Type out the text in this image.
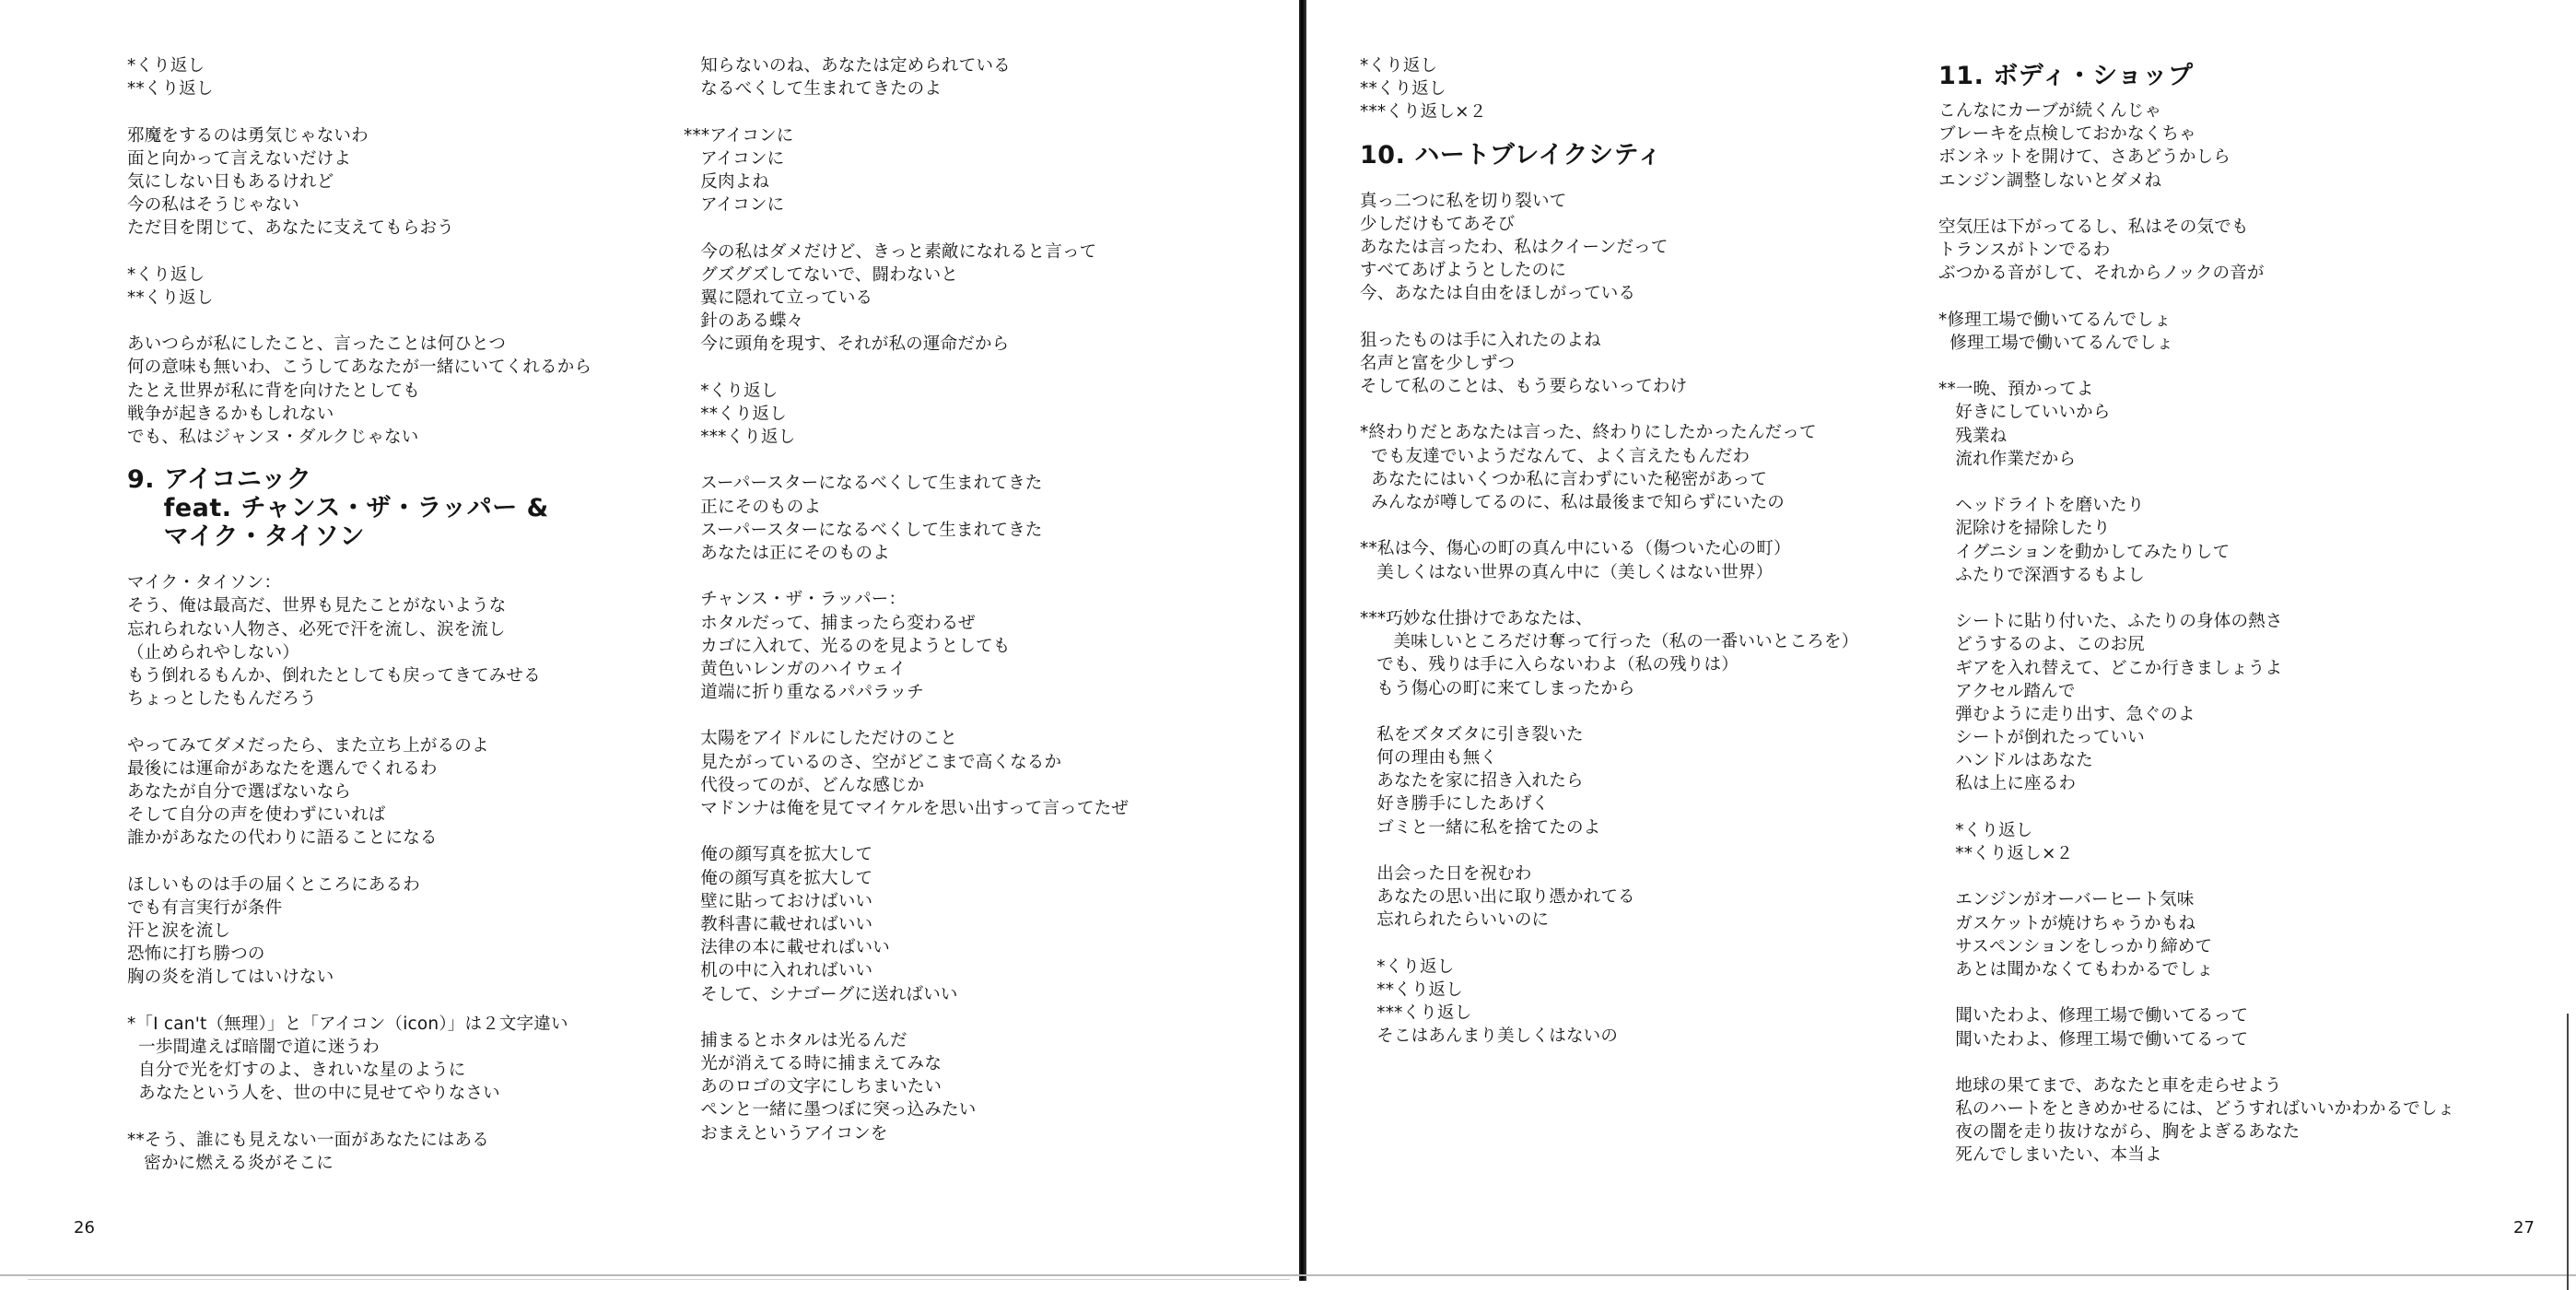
*くり返し
**くり返し
邪魔をするのは勇気じゃないわ
面と向かって言えないだけよ
気にしない日もあるけれど
今の私はそうじゃない
ただ目を閉じて、あなたに支えてもらおう
*くり返し
**くり返し
あいつらが私にしたこと、言ったことは何ひとつ
何の意味も無いわ、こうしてあなたが一緒にいてくれるから
たとえ世界が私に背を向けたとしても
戦争が起きるかもしれない
でも、私はジャンヌ・ダルクじゃない
9. アイコニック
feat. チャンス・ザ・ラッパー &
マイク・タイソン
マイク・タイソン：
そう、俺は最高だ、世界も見たことがないような
忘れられない人物さ、必死で汗を流し、涙を流し
（止められやしない）
もう倒れるもんか、倒れたとしても戻ってきてみせる
ちょっとしたもんだろう
やってみてダメだったら、また立ち上がるのよ
最後には運命があなたを選んでくれるわ
あなたが自分で選ばないなら
そして自分の声を使わずにいれば
誰かがあなたの代わりに語ることになる
ほしいものは手の届くところにあるわ
でも有言実行が条件
汗と涙を流し
恐怖に打ち勝つの
胸の炎を消してはいけない
*「I can't（無理）」と「アイコン（icon）」は２文字違い
一歩間違えば暗闇で道に迷うわ
自分で光を灯すのよ、きれいな星のように
あなたという人を、世の中に見せてやりなさい
**そう、誰にも見えない一面があなたにはある
密かに燃える炎がそこに
知らないのね、あなたは定められている
なるべくして生まれてきたのよ
***アイコンに
アイコンに
反肉よね
アイコンに
今の私はダメだけど、きっと素敵になれると言って
グズグズしてないで、闘わないと
翼に隠れて立っている
針のある蝶々
今に頭角を現す、それが私の運命だから
*くり返し
**くり返し
***くり返し
スーパースターになるべくして生まれてきた
正にそのものよ
スーパースターになるべくして生まれてきた
あなたは正にそのものよ
チャンス・ザ・ラッパー：
ホタルだって、捕まったら変わるぜ
カゴに入れて、光るのを見ようとしても
黄色いレンガのハイウェイ
道端に折り重なるパパラッチ
太陽をアイドルにしただけのこと
見たがっているのさ、空がどこまで高くなるか
代役ってのが、どんな感じか
マドンナは俺を見てマイケルを思い出すって言ってたぜ
俺の顔写真を拡大して
俺の顔写真を拡大して
壁に貼っておけばいい
教科書に載せればいい
法律の本に載せればいい
机の中に入れればいい
そして、シナゴーグに送ればいい
捕まるとホタルは光るんだ
光が消えてる時に捕まえてみな
あのロゴの文字にしちまいたい
ペンと一緒に墨つぼに突っ込みたい
おまえというアイコンを
26
*くり返し
**くり返し
***くり返し×２
10. ハートブレイクシティ
真っ二つに私を切り裂いて
少しだけもてあそび
あなたは言ったわ、私はクイーンだって
すべてあげようとしたのに
今、あなたは自由をほしがっている
狙ったものは手に入れたのよね
名声と富を少しずつ
そして私のことは、もう要らないってわけ
*終わりだとあなたは言った、終わりにしたかったんだって
でも友達でいようだなんて、よく言えたもんだわ
あなたにはいくつか私に言わずにいた秘密があって
みんなが噂してるのに、私は最後まで知らずにいたの
**私は今、傷心の町の真ん中にいる（傷ついた心の町）
美しくはない世界の真ん中に（美しくはない世界）
***巧妙な仕掛けであなたは、
美味しいところだけ奪って行った（私の一番いいところを）
でも、残りは手に入らないわよ（私の残りは）
もう傷心の町に来てしまったから
私をズタズタに引き裂いた
何の理由も無く
あなたを家に招き入れたら
好き勝手にしたあげく
ゴミと一緒に私を捨てたのよ
出会った日を祝むわ
あなたの思い出に取り憑かれてる
忘れられたらいいのに
*くり返し
**くり返し
***くり返し
そこはあんまり美しくはないの
11. ボディ・ショップ
こんなにカーブが続くんじゃ
ブレーキを点検しておかなくちゃ
ボンネットを開けて、さあどうかしら
エンジン調整しないとダメね
空気圧は下がってるし、私はその気でも
トランスがトンでるわ
ぶつかる音がして、それからノックの音が
*修理工場で働いてるんでしょ
修理工場で働いてるんでしょ
**一晩、預かってよ
好きにしていいから
残業ね
流れ作業だから
ヘッドライトを磨いたり
泥除けを掃除したり
イグニションを動かしてみたりして
ふたりで深酒するもよし
シートに貼り付いた、ふたりの身体の熱さ
どうするのよ、このお尻
ギアを入れ替えて、どこか行きましょうよ
アクセル踏んで
弾むように走り出す、急ぐのよ
シートが倒れたっていい
ハンドルはあなた
私は上に座るわ
*くり返し
**くり返し×２
エンジンがオーバーヒート気味
ガスケットが焼けちゃうかもね
サスペンションをしっかり締めて
あとは聞かなくてもわかるでしょ
聞いたわよ、修理工場で働いてるって
聞いたわよ、修理工場で働いてるって
地球の果てまで、あなたと車を走らせよう
私のハートをときめかせるには、どうすればいいかわかるでしょ
夜の闇を走り抜けながら、胸をよぎるあなた
死んでしまいたい、本当よ
27
